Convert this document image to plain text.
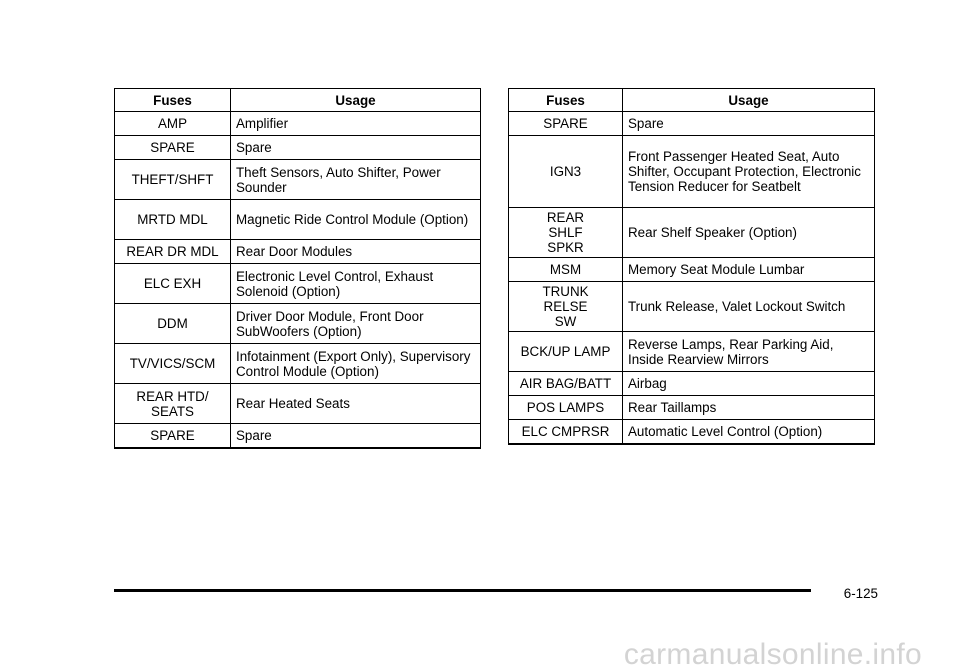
Fuses	Usage
AMP	Amplifier
SPARE	Spare
THEFT/SHFT	Theft Sensors, Auto Shifter, Power Sounder
MRTD MDL	Magnetic Ride Control Module (Option)
REAR DR MDL	Rear Door Modules
ELC EXH	Electronic Level Control, Exhaust Solenoid (Option)
DDM	Driver Door Module, Front Door SubWoofers (Option)
TV/VICS/SCM	Infotainment (Export Only), Supervisory Control Module (Option)
REAR HTD/ SEATS	Rear Heated Seats
SPARE	Spare
Fuses	Usage
SPARE	Spare
IGN3	Front Passenger Heated Seat, Auto Shifter, Occupant Protection, Electronic Tension Reducer for Seatbelt
REAR SHLF SPKR	Rear Shelf Speaker (Option)
MSM	Memory Seat Module Lumbar
TRUNK RELSE SW	Trunk Release, Valet Lockout Switch
BCK/UP LAMP	Reverse Lamps, Rear Parking Aid, Inside Rearview Mirrors
AIR BAG/BATT	Airbag
POS LAMPS	Rear Taillamps
ELC CMPRSR	Automatic Level Control (Option)
6-125
carmanualsonline.info
